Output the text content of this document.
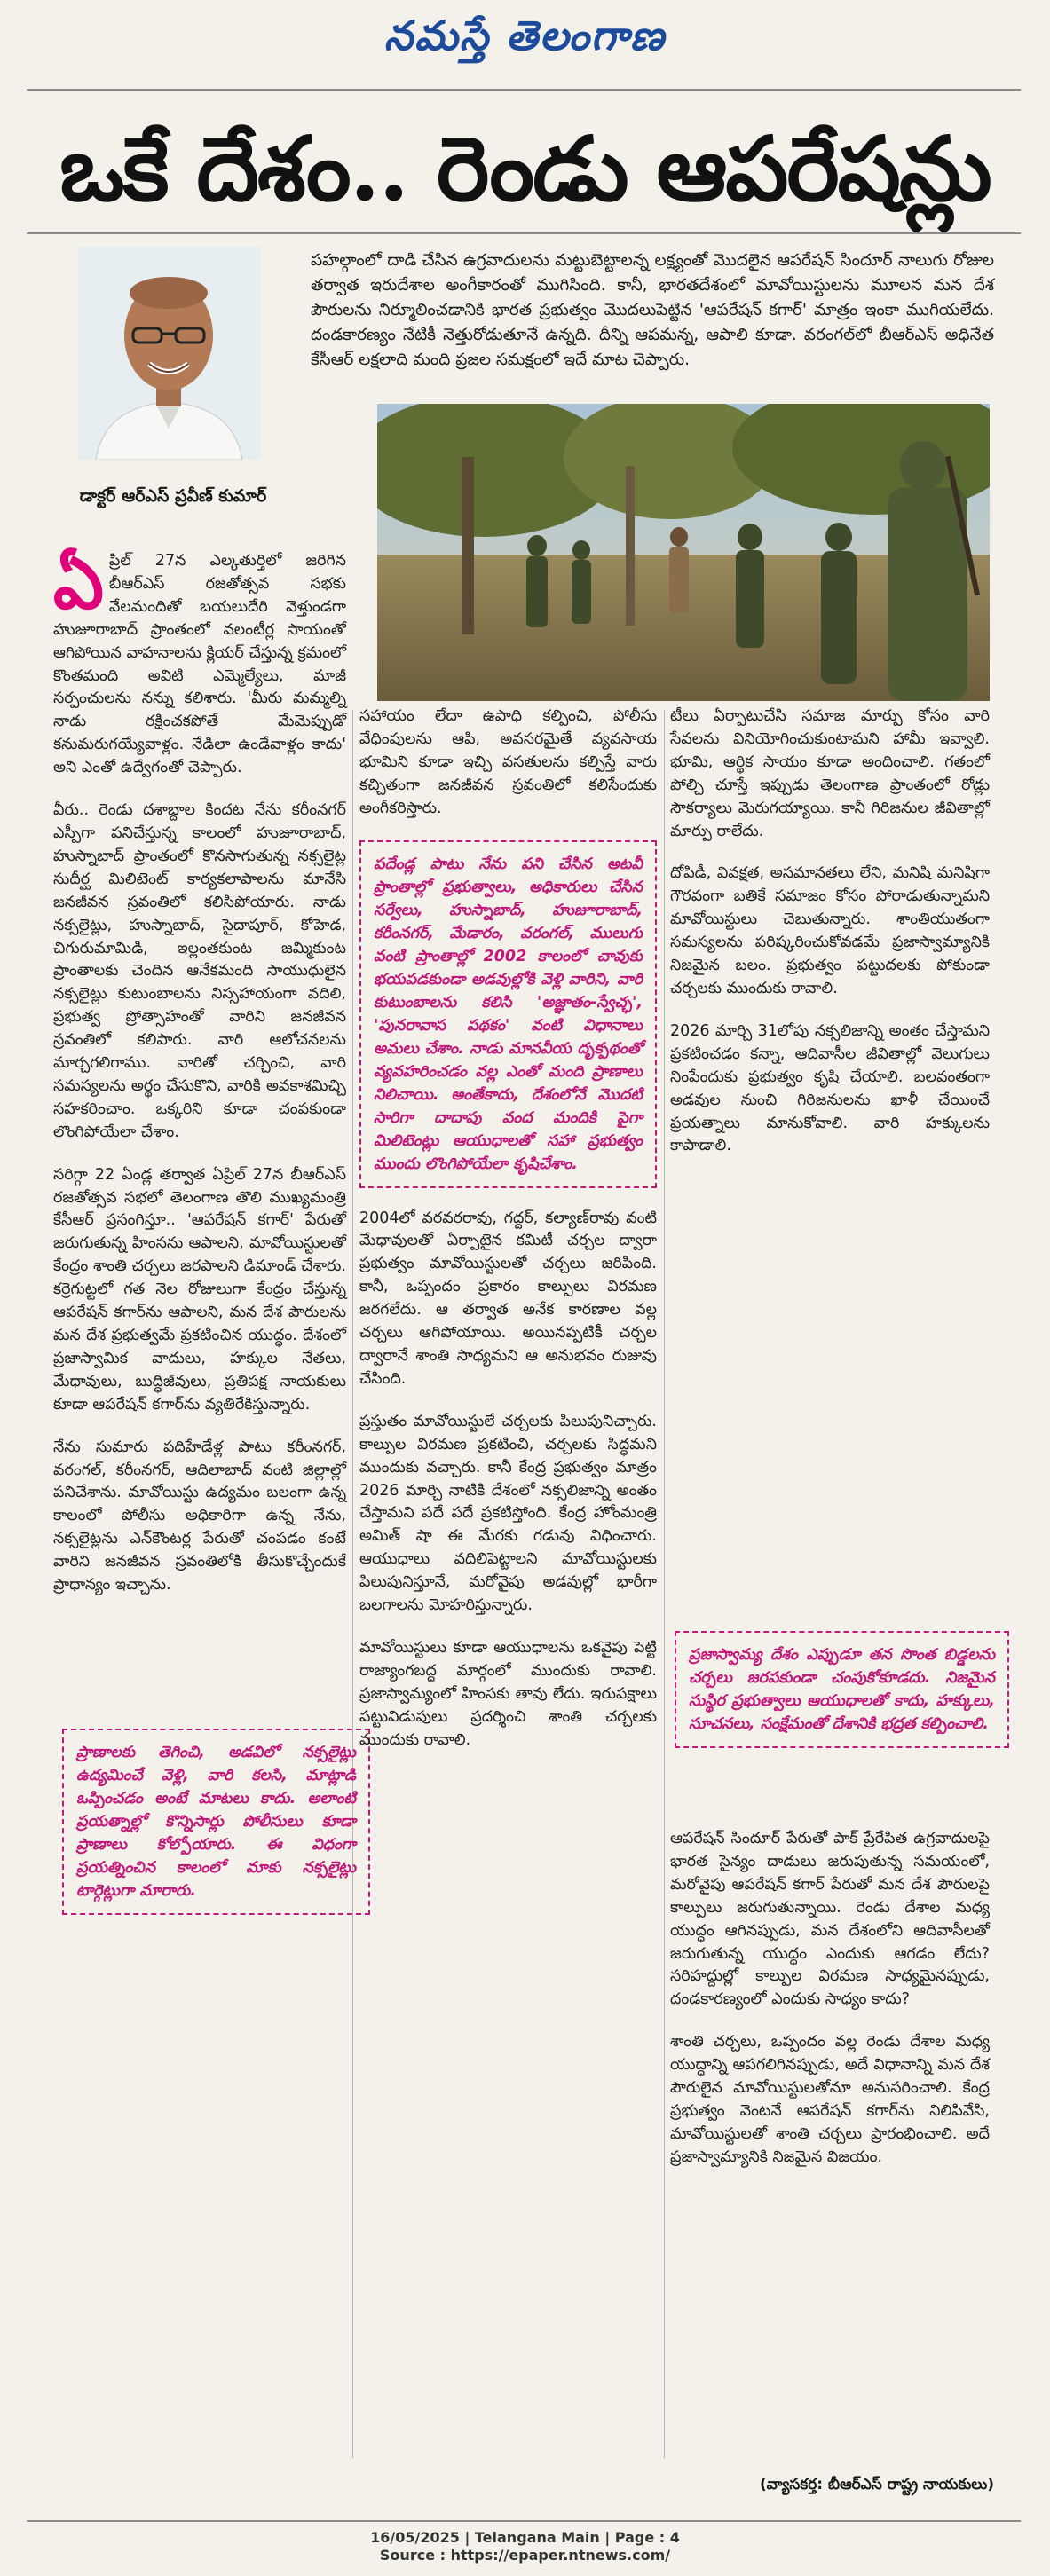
నమస్తే తెలంగాణ
ఒకే దేశం.. రెండు ఆపరేషన్లు
డాక్టర్ ఆర్ఎస్ ప్రవీణ్ కుమార్
పహల్గాంలో దాడి చేసిన ఉగ్రవాదులను మట్టుబెట్టాలన్న లక్ష్యంతో మొదలైన ఆపరేషన్ సిందూర్ నాలుగు రోజుల తర్వాత ఇరుదేశాల అంగీకారంతో ముగిసింది. కానీ, భారతదేశంలో మావోయిస్టులను మూలన మన దేశ పౌరులను నిర్మూలించడానికి భారత ప్రభుత్వం మొదలుపెట్టిన 'ఆపరేషన్ కగార్' మాత్రం ఇంకా ముగియలేదు. దండకారణ్యం నేటికీ నెత్తురోడుతూనే ఉన్నది. దీన్ని ఆపమన్న, ఆపాలి కూడా. వరంగల్‌లో బీఆర్ఎస్ అధినేత కేసీఆర్ లక్షలాది మంది ప్రజల సమక్షంలో ఇదే మాట చెప్పారు.

ఏ ప్రిల్ 27న ఎల్కతుర్తిలో జరిగిన బీఆర్ఎస్ రజతోత్సవ సభకు వేలమందితో బయలుదేరి వెళ్తుండగా హుజూరాబాద్ ప్రాంతంలో వలంటీర్ల సాయంతో ఆగిపోయిన వాహనాలను క్లియర్ చేస్తున్న క్రమంలో కొంతమంది అవిటి ఎమ్మెల్యేలు, మాజీ సర్పంచులను నన్ను కలిశారు. 'మీరు మమ్మల్ని నాడు రక్షించకపోతే మేమెప్పుడో కనుమరుగయ్యేవాళ్లం. నేడిలా ఉండేవాళ్లం కాదు' అని ఎంతో ఉద్వేగంతో చెప్పారు.

వీరు.. రెండు దశాబ్దాల కిందట నేను కరీంనగర్ ఎస్పీగా పనిచేస్తున్న కాలంలో హుజూరాబాద్, హుస్నాబాద్ ప్రాంతంలో కొనసాగుతున్న నక్సలైట్ల సుదీర్ఘ మిలిటెంట్ కార్యకలాపాలను మానేసి జనజీవన స్రవంతిలో కలిసిపోయారు. నాడు నక్సలైట్లు, హుస్నాబాద్, సైదాపూర్, కోహెడ, చిగురుమామిడి, ఇల్లంతకుంట జమ్మికుంట ప్రాంతాలకు చెందిన ఆనేకమంది సాయుధులైన నక్సలైట్లు కుటుంబాలను నిస్సహాయంగా వదిలి, ప్రభుత్వ ప్రోత్సాహంతో వారిని జనజీవన స్రవంతిలో కలిపారు. వారి ఆలోచనలను మార్చగలిగాము. వారితో చర్చించి, వారి సమస్యలను అర్థం చేసుకొని, వారికి అవకాశమిచ్చి సహకరించాం. ఒక్కరిని కూడా చంపకుండా లొంగిపోయేలా చేశాం.

సరిగ్గా 22 ఏండ్ల తర్వాత ఏప్రిల్ 27న బీఆర్ఎస్ రజతోత్సవ సభలో తెలంగాణ తొలి ముఖ్యమంత్రి కేసీఆర్ ప్రసంగిస్తూ.. 'ఆపరేషన్ కగార్' పేరుతో జరుగుతున్న హింసను ఆపాలని, మావోయిస్టులతో కేంద్రం శాంతి చర్చలు జరపాలని డిమాండ్ చేశారు. కర్రెగుట్టలో గత నెల రోజులుగా కేంద్రం చేస్తున్న ఆపరేషన్ కగార్‌ను ఆపాలని, మన దేశ పౌరులను మన దేశ ప్రభుత్వమే ప్రకటించిన యుద్ధం. దేశంలో ప్రజాస్వామిక వాదులు, హక్కుల నేతలు, మేధావులు, బుద్ధిజీవులు, ప్రతిపక్ష నాయకులు కూడా ఆపరేషన్ కగార్‌ను వ్యతిరేకిస్తున్నారు.

నేను సుమారు పదిహేడేళ్ల పాటు కరీంనగర్, వరంగల్, కరీంనగర్, ఆదిలాబాద్ వంటి జిల్లాల్లో పనిచేశాను. మావోయిస్టు ఉద్యమం బలంగా ఉన్న కాలంలో పోలీసు అధికారిగా ఉన్న నేను, నక్సలైట్లను ఎన్‌కౌంటర్ల పేరుతో చంపడం కంటే వారిని జనజీవన స్రవంతిలోకి తీసుకొచ్చేందుకే ప్రాధాన్యం ఇచ్చాను.

ప్రాణాలకు తెగించి, అడవిలో నక్సలైట్లు ఉద్యమించే వెళ్లి, వారి కలసి, మాట్లాడి ఒప్పించడం అంటే మాటలు కాదు. అలాంటి ప్రయత్నాల్లో కొన్నిసార్లు పోలీసులు కూడా ప్రాణాలు కోల్పోయారు. ఈ విధంగా ప్రయత్నించిన కాలంలో మాకు నక్సలైట్లు టార్గెట్లుగా మారారు.

సహాయం లేదా ఉపాధి కల్పించి, పోలీసు వేధింపులను ఆపి, అవసరమైతే వ్యవసాయ భూమిని కూడా ఇచ్చి వసతులను కల్పిస్తే వారు కచ్చితంగా జనజీవన స్రవంతిలో కలిసేందుకు అంగీకరిస్తారు.

పదేండ్ల పాటు నేను పని చేసిన అటవీ ప్రాంతాల్లో ప్రభుత్వాలు, అధికారులు చేసిన సర్వేలు, హుస్నాబాద్, హుజూరాబాద్, కరీంనగర్, మేడారం, వరంగల్, ములుగు వంటి ప్రాంతాల్లో 2002 కాలంలో చావుకు భయపడకుండా అడవుల్లోకి వెళ్లి వారిని, వారి కుటుంబాలను కలిసి 'అజ్ఞాతం-స్వేచ్ఛ', 'పునరావాస పథకం' వంటి విధానాలు అమలు చేశాం. నాడు మానవీయ దృక్పథంతో వ్యవహరించడం వల్ల ఎంతో మంది ప్రాణాలు నిలిచాయి. అంతేకాదు, దేశంలోనే మొదటి సారిగా దాదాపు వంద మందికి పైగా మిలిటెంట్లు ఆయుధాలతో సహా ప్రభుత్వం ముందు లొంగిపోయేలా కృషిచేశాం.

2004లో వరవరరావు, గద్దర్, కల్యాణ్‌రావు వంటి మేధావులతో ఏర్పాటైన కమిటీ చర్చల ద్వారా ప్రభుత్వం మావోయిస్టులతో చర్చలు జరిపింది. కానీ, ఒప్పందం ప్రకారం కాల్పులు విరమణ జరగలేదు. ఆ తర్వాత అనేక కారణాల వల్ల చర్చలు ఆగిపోయాయి. అయినప్పటికీ చర్చల ద్వారానే శాంతి సాధ్యమని ఆ అనుభవం రుజువు చేసింది.

ప్రస్తుతం మావోయిస్టులే చర్చలకు పిలుపునిచ్చారు. కాల్పుల విరమణ ప్రకటించి, చర్చలకు సిద్ధమని ముందుకు వచ్చారు. కానీ కేంద్ర ప్రభుత్వం మాత్రం 2026 మార్చి నాటికి దేశంలో నక్సలిజాన్ని అంతం చేస్తామని పదే పదే ప్రకటిస్తోంది. కేంద్ర హోంమంత్రి అమిత్ షా ఈ మేరకు గడువు విధించారు. ఆయుధాలు వదిలిపెట్టాలని మావోయిస్టులకు పిలుపునిస్తూనే, మరోవైపు అడవుల్లో భారీగా బలగాలను మోహరిస్తున్నారు.

మావోయిస్టులు కూడా ఆయుధాలను ఒకవైపు పెట్టి రాజ్యాంగబద్ధ మార్గంలో ముందుకు రావాలి. ప్రజాస్వామ్యంలో హింసకు తావు లేదు. ఇరుపక్షాలు పట్టువిడుపులు ప్రదర్శించి శాంతి చర్చలకు ముందుకు రావాలి.

టీలు ఏర్పాటుచేసి సమాజ మార్పు కోసం వారి సేవలను వినియోగించుకుంటామని హామీ ఇవ్వాలి. భూమి, ఆర్థిక సాయం కూడా అందించాలి. గతంలో పోల్చి చూస్తే ఇప్పుడు తెలంగాణ ప్రాంతంలో రోడ్లు సౌకర్యాలు మెరుగయ్యాయి. కానీ గిరిజనుల జీవితాల్లో మార్పు రాలేదు.

దోపిడీ, వివక్షత, అసమానతలు లేని, మనిషి మనిషిగా గౌరవంగా బతికే సమాజం కోసం పోరాడుతున్నామని మావోయిస్టులు చెబుతున్నారు. శాంతియుతంగా సమస్యలను పరిష్కరించుకోవడమే ప్రజాస్వామ్యానికి నిజమైన బలం. ప్రభుత్వం పట్టుదలకు పోకుండా చర్చలకు ముందుకు రావాలి.

2026 మార్చి 31లోపు నక్సలిజాన్ని అంతం చేస్తామని ప్రకటించడం కన్నా, ఆదివాసీల జీవితాల్లో వెలుగులు నింపేందుకు ప్రభుత్వం కృషి చేయాలి. బలవంతంగా అడవుల నుంచి గిరిజనులను ఖాళీ చేయించే ప్రయత్నాలు మానుకోవాలి. వారి హక్కులను కాపాడాలి.

ప్రజాస్వామ్య దేశం ఎప్పుడూ తన సొంత బిడ్డలను చర్చలు జరపకుండా చంపుకోకూడదు. నిజమైన సుస్థిర ప్రభుత్వాలు ఆయుధాలతో కాదు, హక్కులు, సూచనలు, సంక్షేమంతో దేశానికి భద్రత కల్పించాలి.

ఆపరేషన్ సిందూర్ పేరుతో పాక్ ప్రేరేపిత ఉగ్రవాదులపై భారత సైన్యం దాడులు జరుపుతున్న సమయంలో, మరోవైపు ఆపరేషన్ కగార్ పేరుతో మన దేశ పౌరులపై కాల్పులు జరుగుతున్నాయి. రెండు దేశాల మధ్య యుద్ధం ఆగినప్పుడు, మన దేశంలోని ఆదివాసీలతో జరుగుతున్న యుద్ధం ఎందుకు ఆగడం లేదు? సరిహద్దుల్లో కాల్పుల విరమణ సాధ్యమైనప్పుడు, దండకారణ్యంలో ఎందుకు సాధ్యం కాదు?

శాంతి చర్చలు, ఒప్పందం వల్ల రెండు దేశాల మధ్య యుద్ధాన్ని ఆపగలిగినప్పుడు, అదే విధానాన్ని మన దేశ పౌరులైన మావోయిస్టులతోనూ అనుసరించాలి. కేంద్ర ప్రభుత్వం వెంటనే ఆపరేషన్ కగార్‌ను నిలిపివేసి, మావోయిస్టులతో శాంతి చర్చలు ప్రారంభించాలి. అదే ప్రజాస్వామ్యానికి నిజమైన విజయం.

(వ్యాసకర్త: బీఆర్ఎస్ రాష్ట్ర నాయకులు)
16/05/2025 | Telangana Main | Page : 4
Source : https://epaper.ntnews.com/
